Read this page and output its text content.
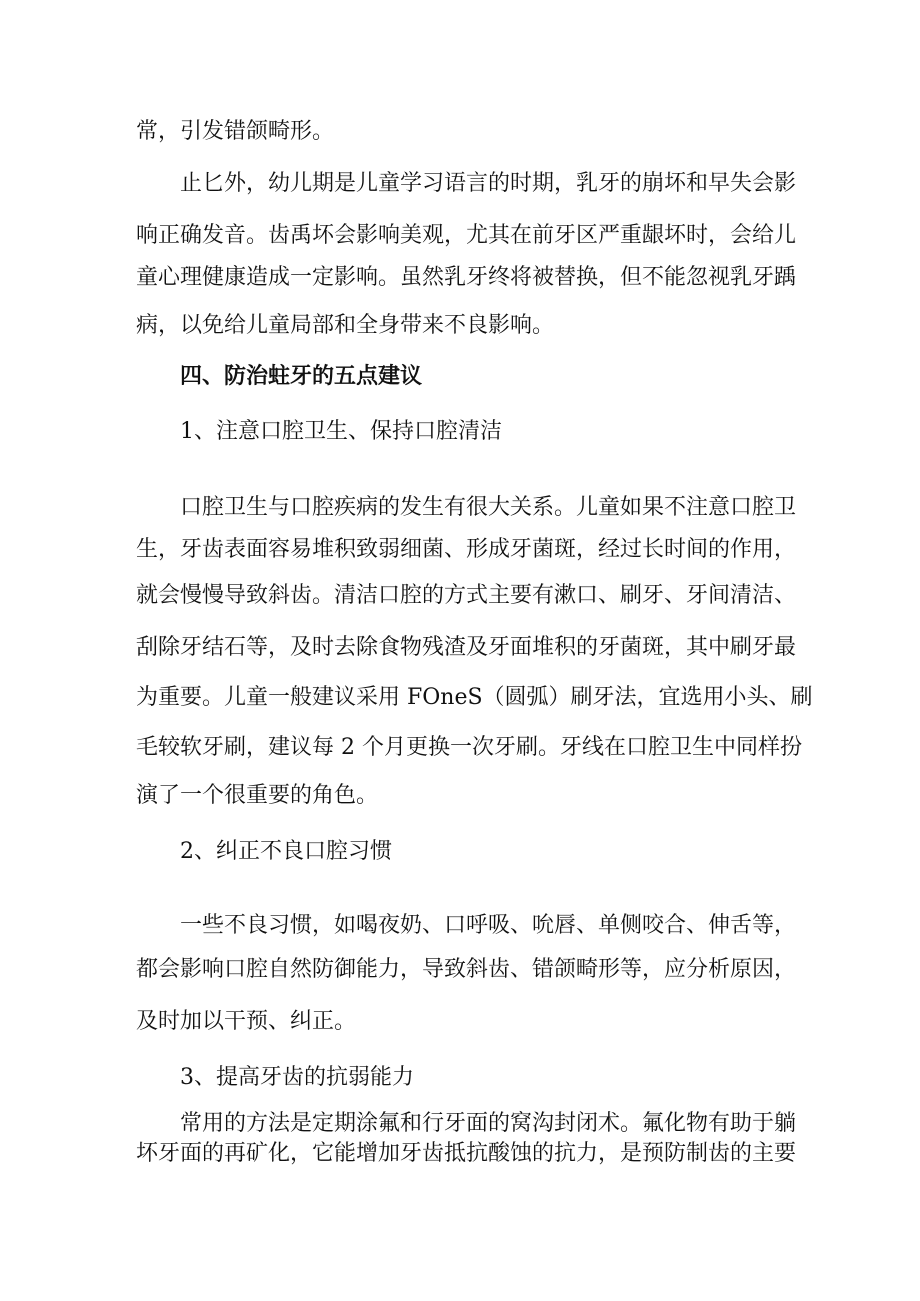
常，引发错颌畸形。

止匕外，幼儿期是儿童学习语言的时期，乳牙的崩坏和早失会影

响正确发音。齿禹坏会影响美观，尤其在前牙区严重龈坏时，会给儿

童心理健康造成一定影响。虽然乳牙终将被替换，但不能忽视乳牙踽

病，以免给儿童局部和全身带来不良影响。

四、防治蛀牙的五点建议

1、注意口腔卫生、保持口腔清洁

口腔卫生与口腔疾病的发生有很大关系。儿童如果不注意口腔卫

生，牙齿表面容易堆积致弱细菌、形成牙菌斑，经过长时间的作用，

就会慢慢导致斜齿。清洁口腔的方式主要有漱口、刷牙、牙间清洁、

刮除牙结石等，及时去除食物残渣及牙面堆积的牙菌斑，其中刷牙最

为重要。儿童一般建议采用 FOneS（圆弧）刷牙法，宜选用小头、刷

毛较软牙刷，建议每 2 个月更换一次牙刷。牙线在口腔卫生中同样扮

演了一个很重要的角色。

2、纠正不良口腔习惯

一些不良习惯，如喝夜奶、口呼吸、吮唇、单侧咬合、伸舌等，

都会影响口腔自然防御能力，导致斜齿、错颌畸形等，应分析原因，

及时加以干预、纠正。

3、提高牙齿的抗弱能力

常用的方法是定期涂氟和行牙面的窝沟封闭术。氟化物有助于躺

坏牙面的再矿化，它能增加牙齿抵抗酸蚀的抗力，是预防制齿的主要
